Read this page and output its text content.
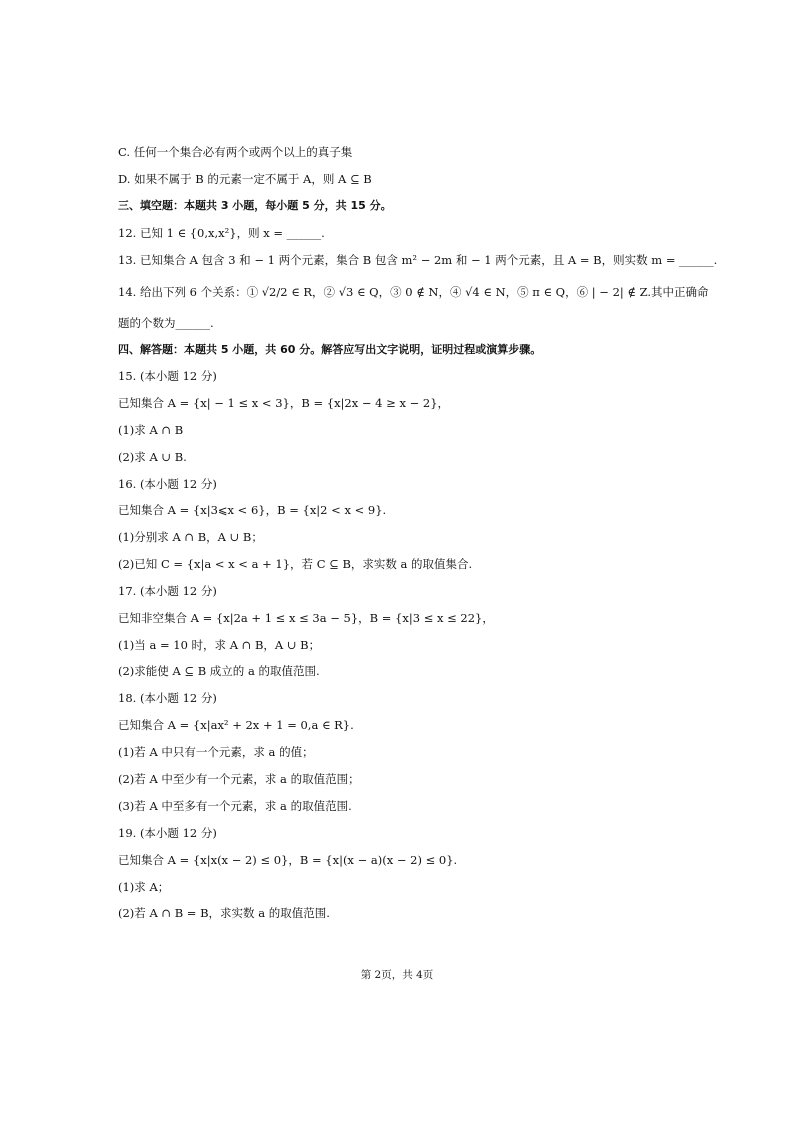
C. 任何一个集合必有两个或两个以上的真子集
D. 如果不属于 B 的元素一定不属于 A，则 A ⊆ B
三、填空题：本题共 3 小题，每小题 5 分，共 15 分。
12. 已知 1 ∈ {0,x,x²}，则 x = ______.
13. 已知集合 A 包含 3 和 − 1 两个元素，集合 B 包含 m² − 2m 和 − 1 两个元素，且 A = B，则实数 m = ______.
14. 给出下列 6 个关系：① √2/2 ∈ R，② √3 ∈ Q，③ 0 ∉ N，④ √4 ∈ N，⑤ π ∈ Q，⑥ | − 2| ∉ Z.其中正确命
题的个数为______.
四、解答题：本题共 5 小题，共 60 分。解答应写出文字说明，证明过程或演算步骤。
15. (本小题 12 分)
已知集合 A = {x| − 1 ≤ x < 3}，B = {x|2x − 4 ≥ x − 2}，
(1)求 A ∩ B
(2)求 A ∪ B.
16. (本小题 12 分)
已知集合 A = {x|3⩽x < 6}，B = {x|2 < x < 9}.
(1)分别求 A ∩ B，A ∪ B；
(2)已知 C = {x|a < x < a + 1}，若 C ⊆ B，求实数 a 的取值集合.
17. (本小题 12 分)
已知非空集合 A = {x|2a + 1 ≤ x ≤ 3a − 5}，B = {x|3 ≤ x ≤ 22}，
(1)当 a = 10 时，求 A ∩ B，A ∪ B；
(2)求能使 A ⊆ B 成立的 a 的取值范围.
18. (本小题 12 分)
已知集合 A = {x|ax² + 2x + 1 = 0,a ∈ R}.
(1)若 A 中只有一个元素，求 a 的值；
(2)若 A 中至少有一个元素，求 a 的取值范围；
(3)若 A 中至多有一个元素，求 a 的取值范围.
19. (本小题 12 分)
已知集合 A = {x|x(x − 2) ≤ 0}，B = {x|(x − a)(x − 2) ≤ 0}.
(1)求 A；
(2)若 A ∩ B = B，求实数 a 的取值范围.
第 2页，共 4页
